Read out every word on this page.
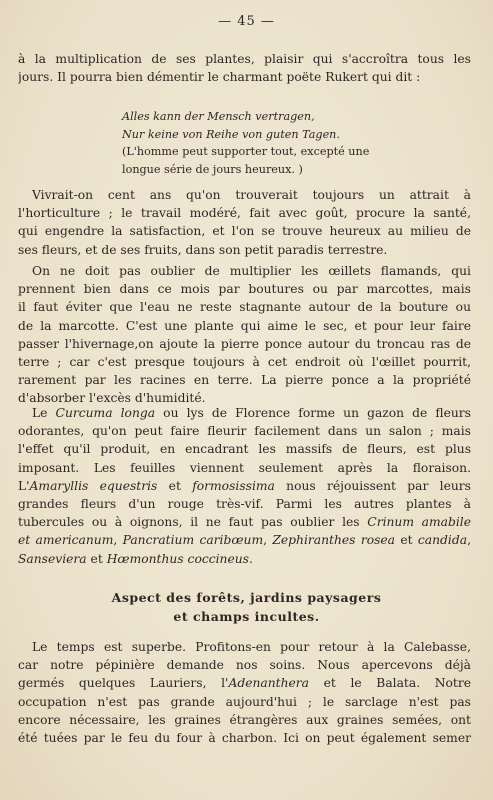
— 45 —
à la multiplication de ses plantes, plaisir qui s'accroîtra tous les
jours. Il pourra bien démentir le charmant poëte Rukert qui dit :
Alles kann der Mensch vertragen,
Nur keine von Reihe von guten Tagen.
(L'homme peut supporter tout, excepté une
longue série de jours heureux. )
Vivrait-on cent ans qu'on trouverait toujours un attrait à
l'horticulture ; le travail modéré, fait avec goût, procure la santé,
qui engendre la satisfaction, et l'on se trouve heureux au milieu de
ses fleurs, et de ses fruits, dans son petit paradis terrestre.
On ne doit pas oublier de multiplier les œillets flamands, qui
prennent bien dans ce mois par boutures ou par marcottes, mais
il faut éviter que l'eau ne reste stagnante autour de la bouture ou
de la marcotte. C'est une plante qui aime le sec, et pour leur faire
passer l'hivernage,on ajoute la pierre ponce autour du troncau ras de
terre ; car c'est presque toujours à cet endroit où l'œillet pourrit,
rarement par les racines en terre. La pierre ponce a la propriété
d'absorber l'excès d'humidité.
Le Curcuma longa ou lys de Florence forme un gazon de fleurs
odorantes, qu'on peut faire fleurir facilement dans un salon ; mais
l'effet qu'il produit, en encadrant les massifs de fleurs, est plus
imposant. Les feuilles viennent seulement après la floraison.
L'Amaryllis equestris et formosissima nous réjouissent par leurs
grandes fleurs d'un rouge très-vif. Parmi les autres plantes à
tubercules ou à oignons, il ne faut pas oublier les Crinum amabile
et americanum, Pancratium caribœum, Zephiranthes rosea et candida,
Sanseviera et Hœmonthus coccineus.
Aspect des forêts, jardins paysagers
et champs incultes.
Le temps est superbe. Profitons-en pour retour à la Calebasse,
car notre pépinière demande nos soins. Nous apercevons déjà
germés quelques Lauriers, l'Adenanthera et le Balata. Notre
occupation n'est pas grande aujourd'hui ; le sarclage n'est pas
encore nécessaire, les graines étrangères aux graines semées, ont
été tuées par le feu du four à charbon. Ici on peut également semer
